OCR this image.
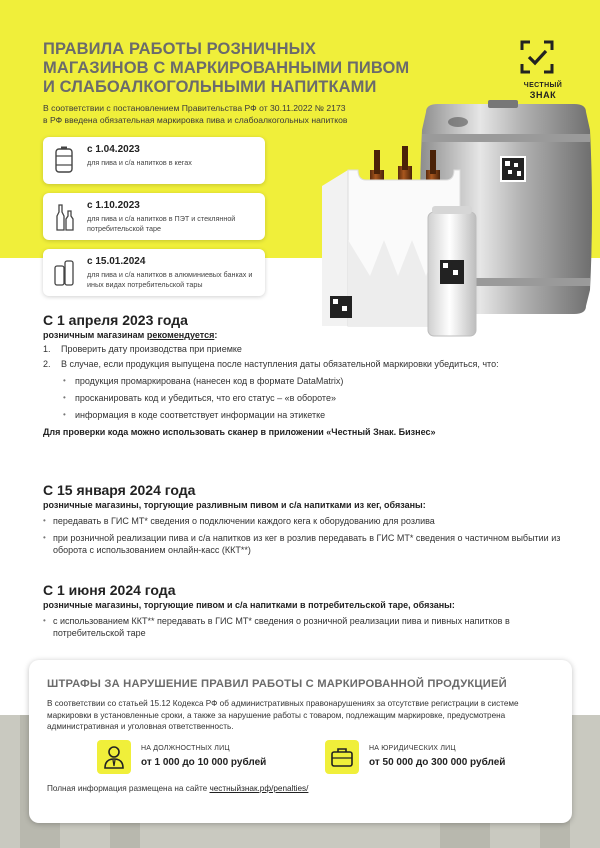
ПРАВИЛА РАБОТЫ РОЗНИЧНЫХ МАГАЗИНОВ С МАРКИРОВАННЫМИ ПИВОМ И СЛАБОАЛКОГОЛЬНЫМИ НАПИТКАМИ
В соответствии с постановлением Правительства РФ от 30.11.2022 № 2173
в РФ введена обязательная маркировка пива и слабоалкогольных напитков
ЧЕСТНЫЙ
ЗНАК
с 1.04.2023
для пива и с/а напитков в кегах
с 1.10.2023
для пива и с/а напитков в ПЭТ и стеклянной потребительской таре
с 15.01.2024
для пива и с/а напитков в алюминиевых банках и иных видах потребительской тары
С 1 апреля 2023 года
розничным магазинам рекомендуется:
1. Проверить дату производства при приемке
2. В случае, если продукция выпущена после наступления даты обязательной маркировки убедиться, что:
• продукция промаркирована (нанесен код в формате DataMatrix)
• просканировать код и убедиться, что его статус – «в обороте»
• информация в коде соответствует информации на этикетке
Для проверки кода можно использовать сканер в приложении «Честный Знак. Бизнес»
С 15 января 2024 года
розничные магазины, торгующие разливным пивом и с/а напитками из кег, обязаны:
• передавать в ГИС МТ* сведения о подключении каждого кега к оборудованию для розлива
• при розничной реализации пива и с/а напитков из кег в розлив передавать в ГИС МТ* сведения о частичном выбытии из оборота с использованием онлайн-касс (ККТ**)
С 1 июня 2024 года
розничные магазины, торгующие пивом и с/а напитками в потребительской таре, обязаны:
• с использованием ККТ** передавать в ГИС МТ* сведения о розничной реализации пива и пивных напитков в потребительской таре
ШТРАФЫ ЗА НАРУШЕНИЕ ПРАВИЛ РАБОТЫ С МАРКИРОВАННОЙ ПРОДУКЦИЕЙ
В соответствии со статьей 15.12 Кодекса РФ об административных правонарушениях за отсутствие регистрации в системе маркировки в установленные сроки, а также за нарушение работы с товаром, подлежащим маркировке, предусмотрена административная и уголовная ответственность.
НА ДОЛЖНОСТНЫХ ЛИЦ
от 1 000 до 10 000 рублей
НА ЮРИДИЧЕСКИХ ЛИЦ
от 50 000 до 300 000 рублей
Полная информация размещена на сайте честныйзнак.рф/penalties/
